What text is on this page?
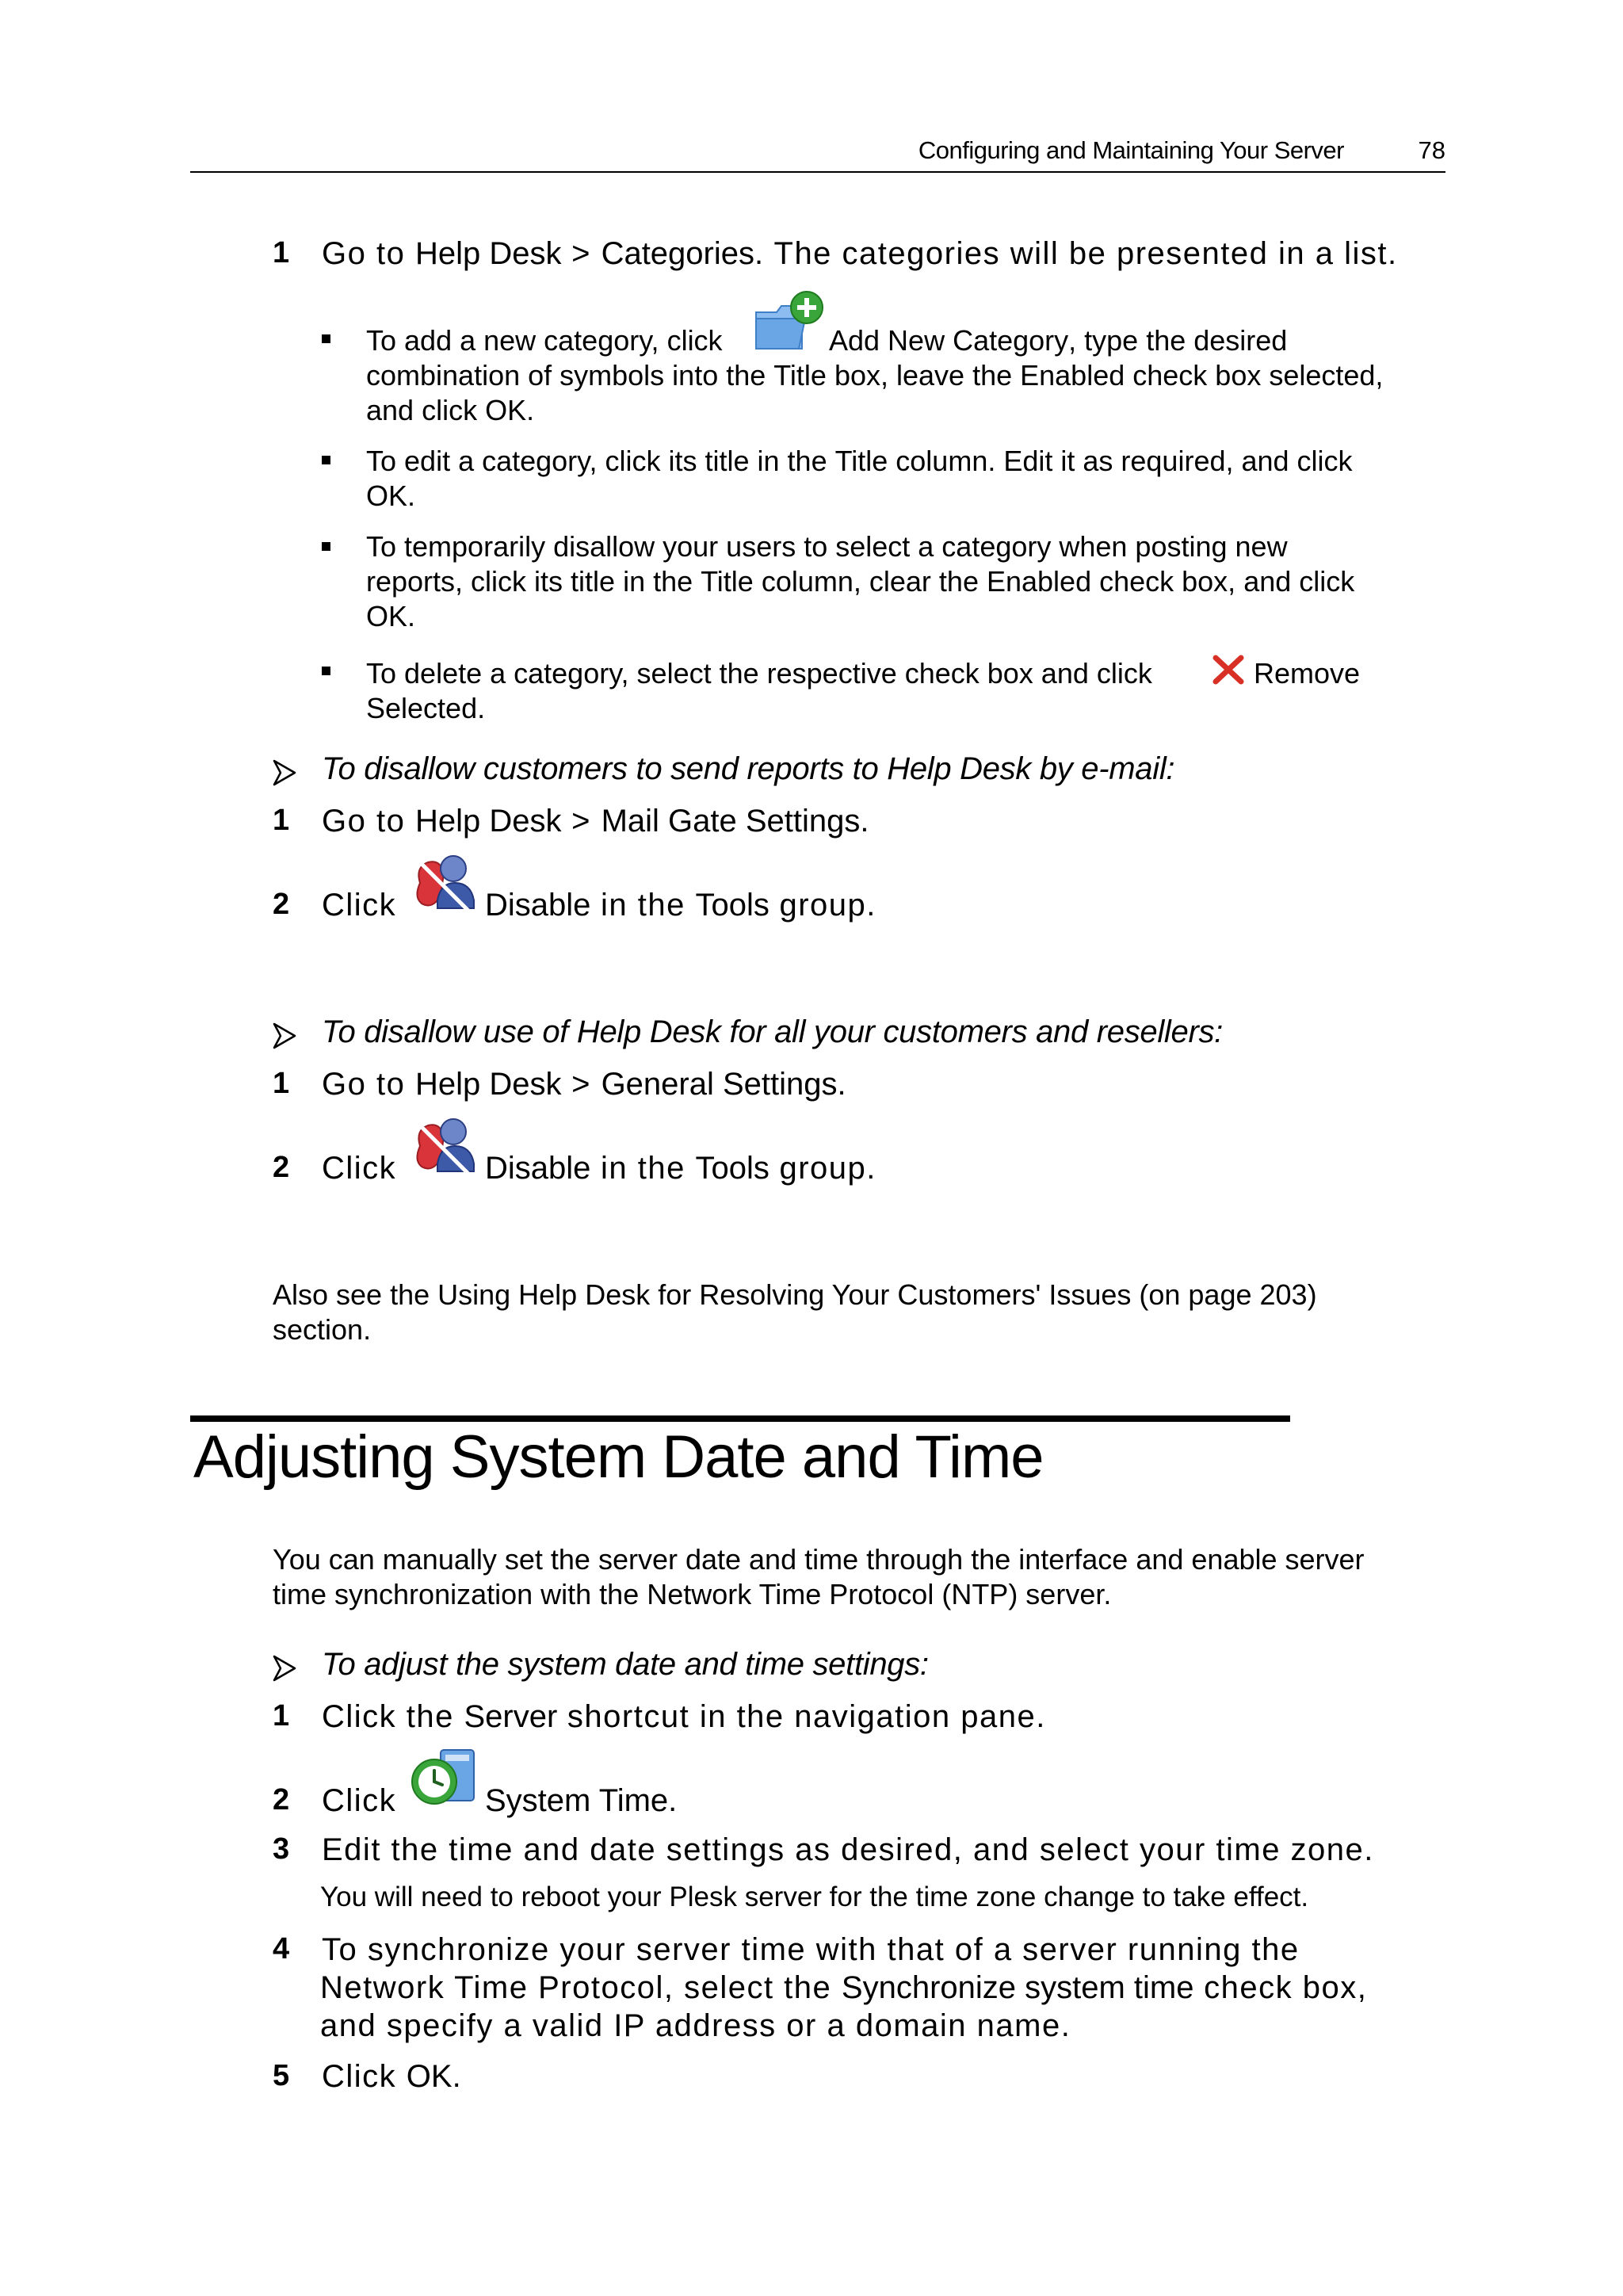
Configuring and Maintaining Your Server	78
1 Go to Help Desk > Categories. The categories will be presented in a list.
To add a new category, click	Add New Category, type the desired
combination of symbols into the Title box, leave the Enabled check box selected,
and click OK.
To edit a category, click its title in the Title column. Edit it as required, and click
OK.
To temporarily disallow your users to select a category when posting new
reports, click its title in the Title column, clear the Enabled check box, and click
OK.
To delete a category, select the respective check box and click	Remove
Selected.
To disallow customers to send reports to Help Desk by e-mail:
1 Go to Help Desk > Mail Gate Settings.
2 Click	Disable in the Tools group.
To disallow use of Help Desk for all your customers and resellers:
1 Go to Help Desk > General Settings.
2 Click	Disable in the Tools group.
Also see the Using Help Desk for Resolving Your Customers' Issues (on page 203)
section.
Adjusting System Date and Time
You can manually set the server date and time through the interface and enable server
time synchronization with the Network Time Protocol (NTP) server.
To adjust the system date and time settings:
1 Click the Server shortcut in the navigation pane.
2 Click	System Time.
3 Edit the time and date settings as desired, and select your time zone.
You will need to reboot your Plesk server for the time zone change to take effect.
4 To synchronize your server time with that of a server running the
Network Time Protocol, select the Synchronize system time check box,
and specify a valid IP address or a domain name.
5 Click OK.
